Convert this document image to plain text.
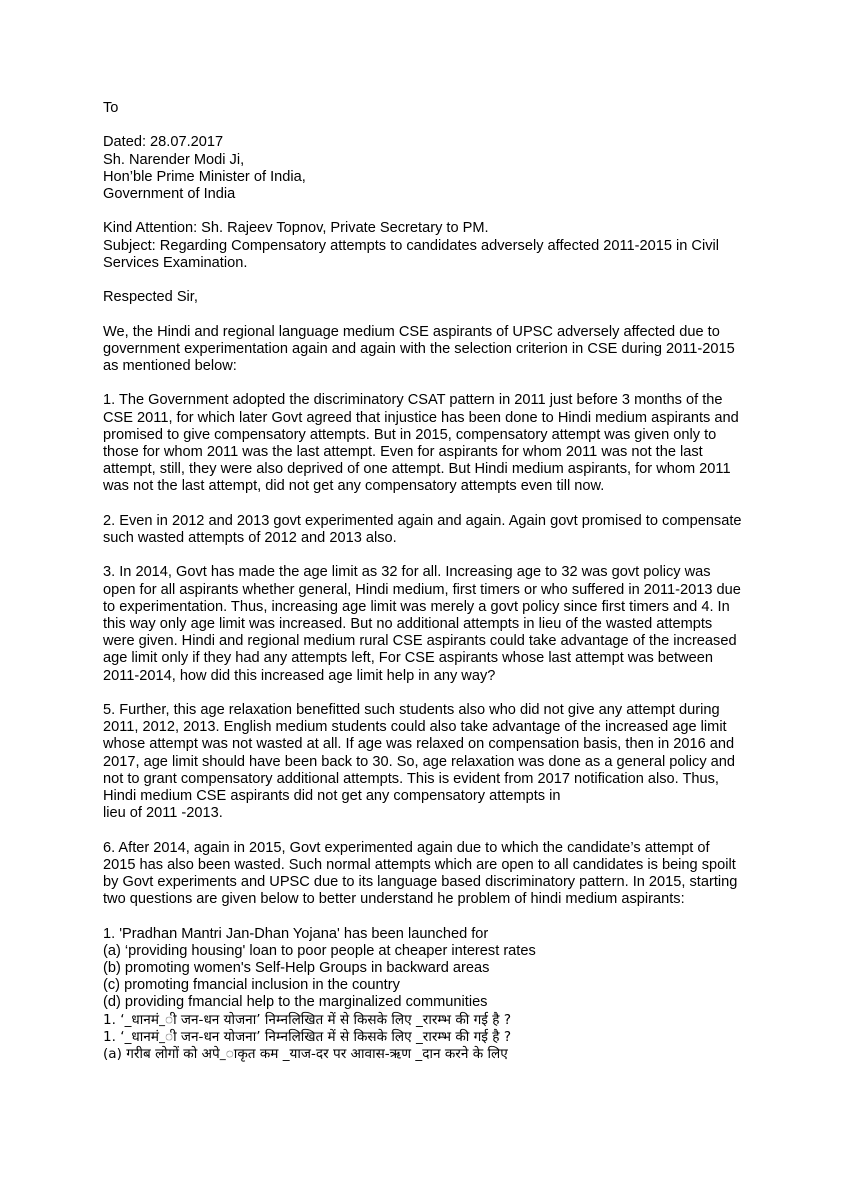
To

Dated: 28.07.2017
Sh. Narender Modi Ji,
Hon’ble Prime Minister of India,
Government of India

Kind Attention: Sh. Rajeev Topnov, Private Secretary to PM.

Subject: Regarding Compensatory attempts to candidates adversely affected 2011-2015 in Civil Services Examination.

Respected Sir,

We, the Hindi and regional language medium CSE aspirants of UPSC adversely affected due to government experimentation again and again with the selection criterion in CSE during 2011-2015 as mentioned below:

1. The Government adopted the discriminatory CSAT pattern in 2011 just before 3 months of the CSE 2011, for which later Govt agreed that injustice has been done to Hindi medium aspirants and promised to give compensatory attempts. But in 2015, compensatory attempt was given only to those for whom 2011 was the last attempt. Even for aspirants for whom 2011 was not the last attempt, still, they were also deprived of one attempt. But Hindi medium aspirants, for whom 2011 was not the last attempt, did not get any compensatory attempts even till now.

2. Even in 2012 and 2013 govt experimented again and again. Again govt promised to compensate such wasted attempts of 2012 and 2013 also.

3. In 2014, Govt has made the age limit as 32 for all. Increasing age to 32 was govt policy was open for all aspirants whether general, Hindi medium, first timers or who suffered in 2011-2013 due to experimentation. Thus, increasing age limit was merely a govt policy since first timers and 4. In this way only age limit was increased. But no additional attempts in lieu of the wasted attempts were given. Hindi and regional medium rural CSE aspirants could take advantage of the increased age limit only if they had any attempts left, For CSE aspirants whose last attempt was between 2011-2014, how did this increased age limit help in any way?

5. Further, this age relaxation benefitted such students also who did not give any attempt during 2011, 2012, 2013. English medium students could also take advantage of the increased age limit whose attempt was not wasted at all. If age was relaxed on compensation basis, then in 2016 and 2017, age limit should have been back to 30. So, age relaxation was done as a general policy and not to grant compensatory additional attempts. This is evident from 2017 notification also. Thus, Hindi medium CSE aspirants did not get any compensatory attempts in

lieu of 2011 -2013.

6. After 2014, again in 2015, Govt experimented again due to which the candidate’s attempt of 2015 has also been wasted. Such normal attempts which are open to all candidates is being spoilt by Govt experiments and UPSC due to its language based discriminatory pattern. In 2015, starting two questions are given below to better understand he problem of hindi medium aspirants:

1. 'Pradhan Mantri Jan-Dhan Yojana' has been launched for
(a) ‘providing housing' loan to poor people at cheaper interest rates
(b) promoting women's Self-Help Groups in backward areas
(c) promoting fmancial inclusion in the country
(d) providing fmancial help to the marginalized communities
1. ‘_धानमं_ी जन-धन योजना’ निम्नलिखित में से किसके लिए _रारम्भ की गई है ?
1. ‘_धानमं_ी जन-धन योजना’ निम्नलिखित में से किसके लिए _रारम्भ की गई है ?
(a) गरीब लोगों को अपे_ाकृत कम _याज-दर पर आवास-ऋण _दान करने के लिए
